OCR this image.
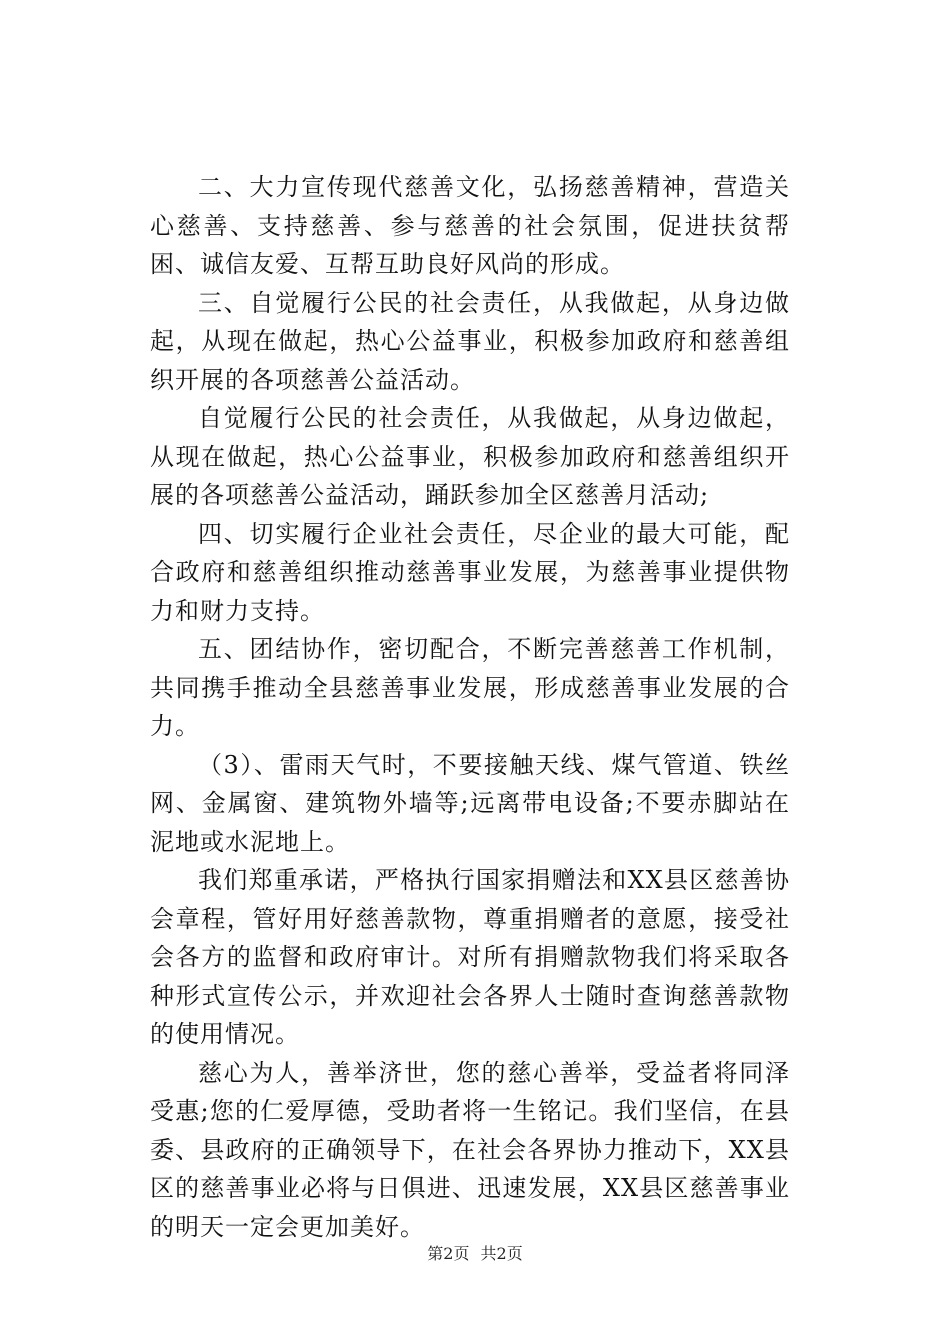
二、大力宣传现代慈善文化，弘扬慈善精神，营造关心慈善、支持慈善、参与慈善的社会氛围，促进扶贫帮困、诚信友爱、互帮互助良好风尚的形成。

三、自觉履行公民的社会责任，从我做起，从身边做起，从现在做起，热心公益事业，积极参加政府和慈善组织开展的各项慈善公益活动。

自觉履行公民的社会责任，从我做起，从身边做起，从现在做起，热心公益事业，积极参加政府和慈善组织开展的各项慈善公益活动，踊跃参加全区慈善月活动;

四、切实履行企业社会责任，尽企业的最大可能，配合政府和慈善组织推动慈善事业发展，为慈善事业提供物力和财力支持。

五、团结协作，密切配合，不断完善慈善工作机制，共同携手推动全县慈善事业发展，形成慈善事业发展的合力。

（3）、雷雨天气时，不要接触天线、煤气管道、铁丝网、金属窗、建筑物外墙等;远离带电设备;不要赤脚站在泥地或水泥地上。

我们郑重承诺，严格执行国家捐赠法和XX县区慈善协会章程，管好用好慈善款物，尊重捐赠者的意愿，接受社会各方的监督和政府审计。对所有捐赠款物我们将采取各种形式宣传公示，并欢迎社会各界人士随时查询慈善款物的使用情况。

慈心为人，善举济世，您的慈心善举，受益者将同泽受惠;您的仁爱厚德，受助者将一生铭记。我们坚信，在县委、县政府的正确领导下，在社会各界协力推动下，XX县区的慈善事业必将与日俱进、迅速发展，XX县区慈善事业的明天一定会更加美好。

第2页 共2页
